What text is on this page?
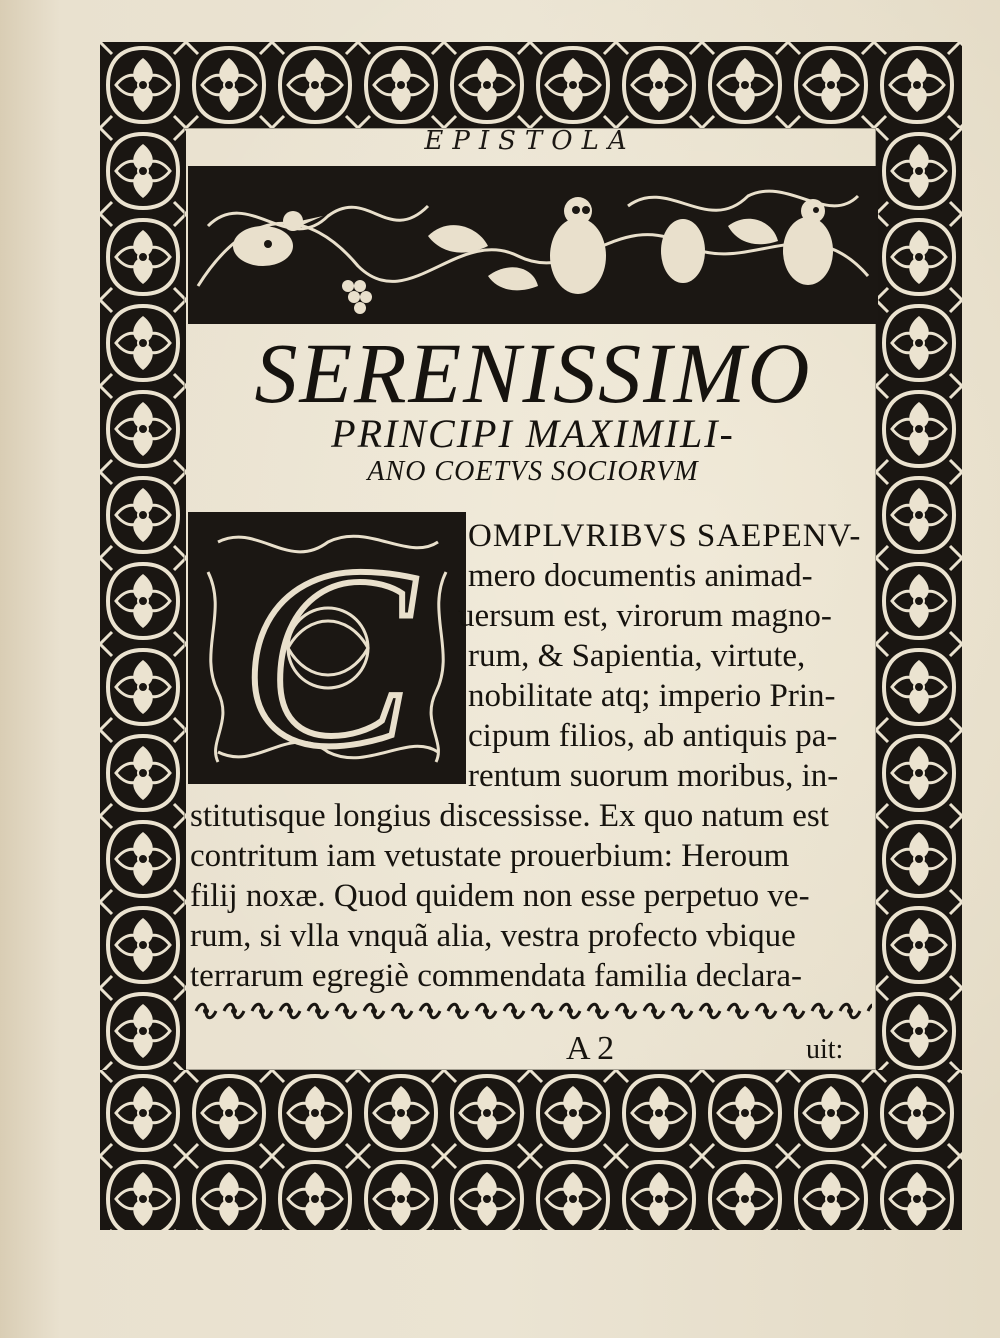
EPISTOLA
SERENISSIMO
PRINCIPI MAXIMILI-
ANO COETVS SOCIORVM
C OMPLVRIBVS SAEPENV-
mero documentis animad-
uersum est, virorum magno-
rum, & Sapientia, virtute,
nobilitate atq; imperio Prin-
cipum filios, ab antiquis pa-
rentum suorum moribus, in-
stitutisque longius discessisse. Ex quo natum est
contritum iam vetustate prouerbium: Heroum
filij noxæ. Quod quidem non esse perpetuo ve-
rum, si vlla vnquã alia, vestra profecto vbique
terrarum egregiè commendata familia declara-
A 2	uit:
